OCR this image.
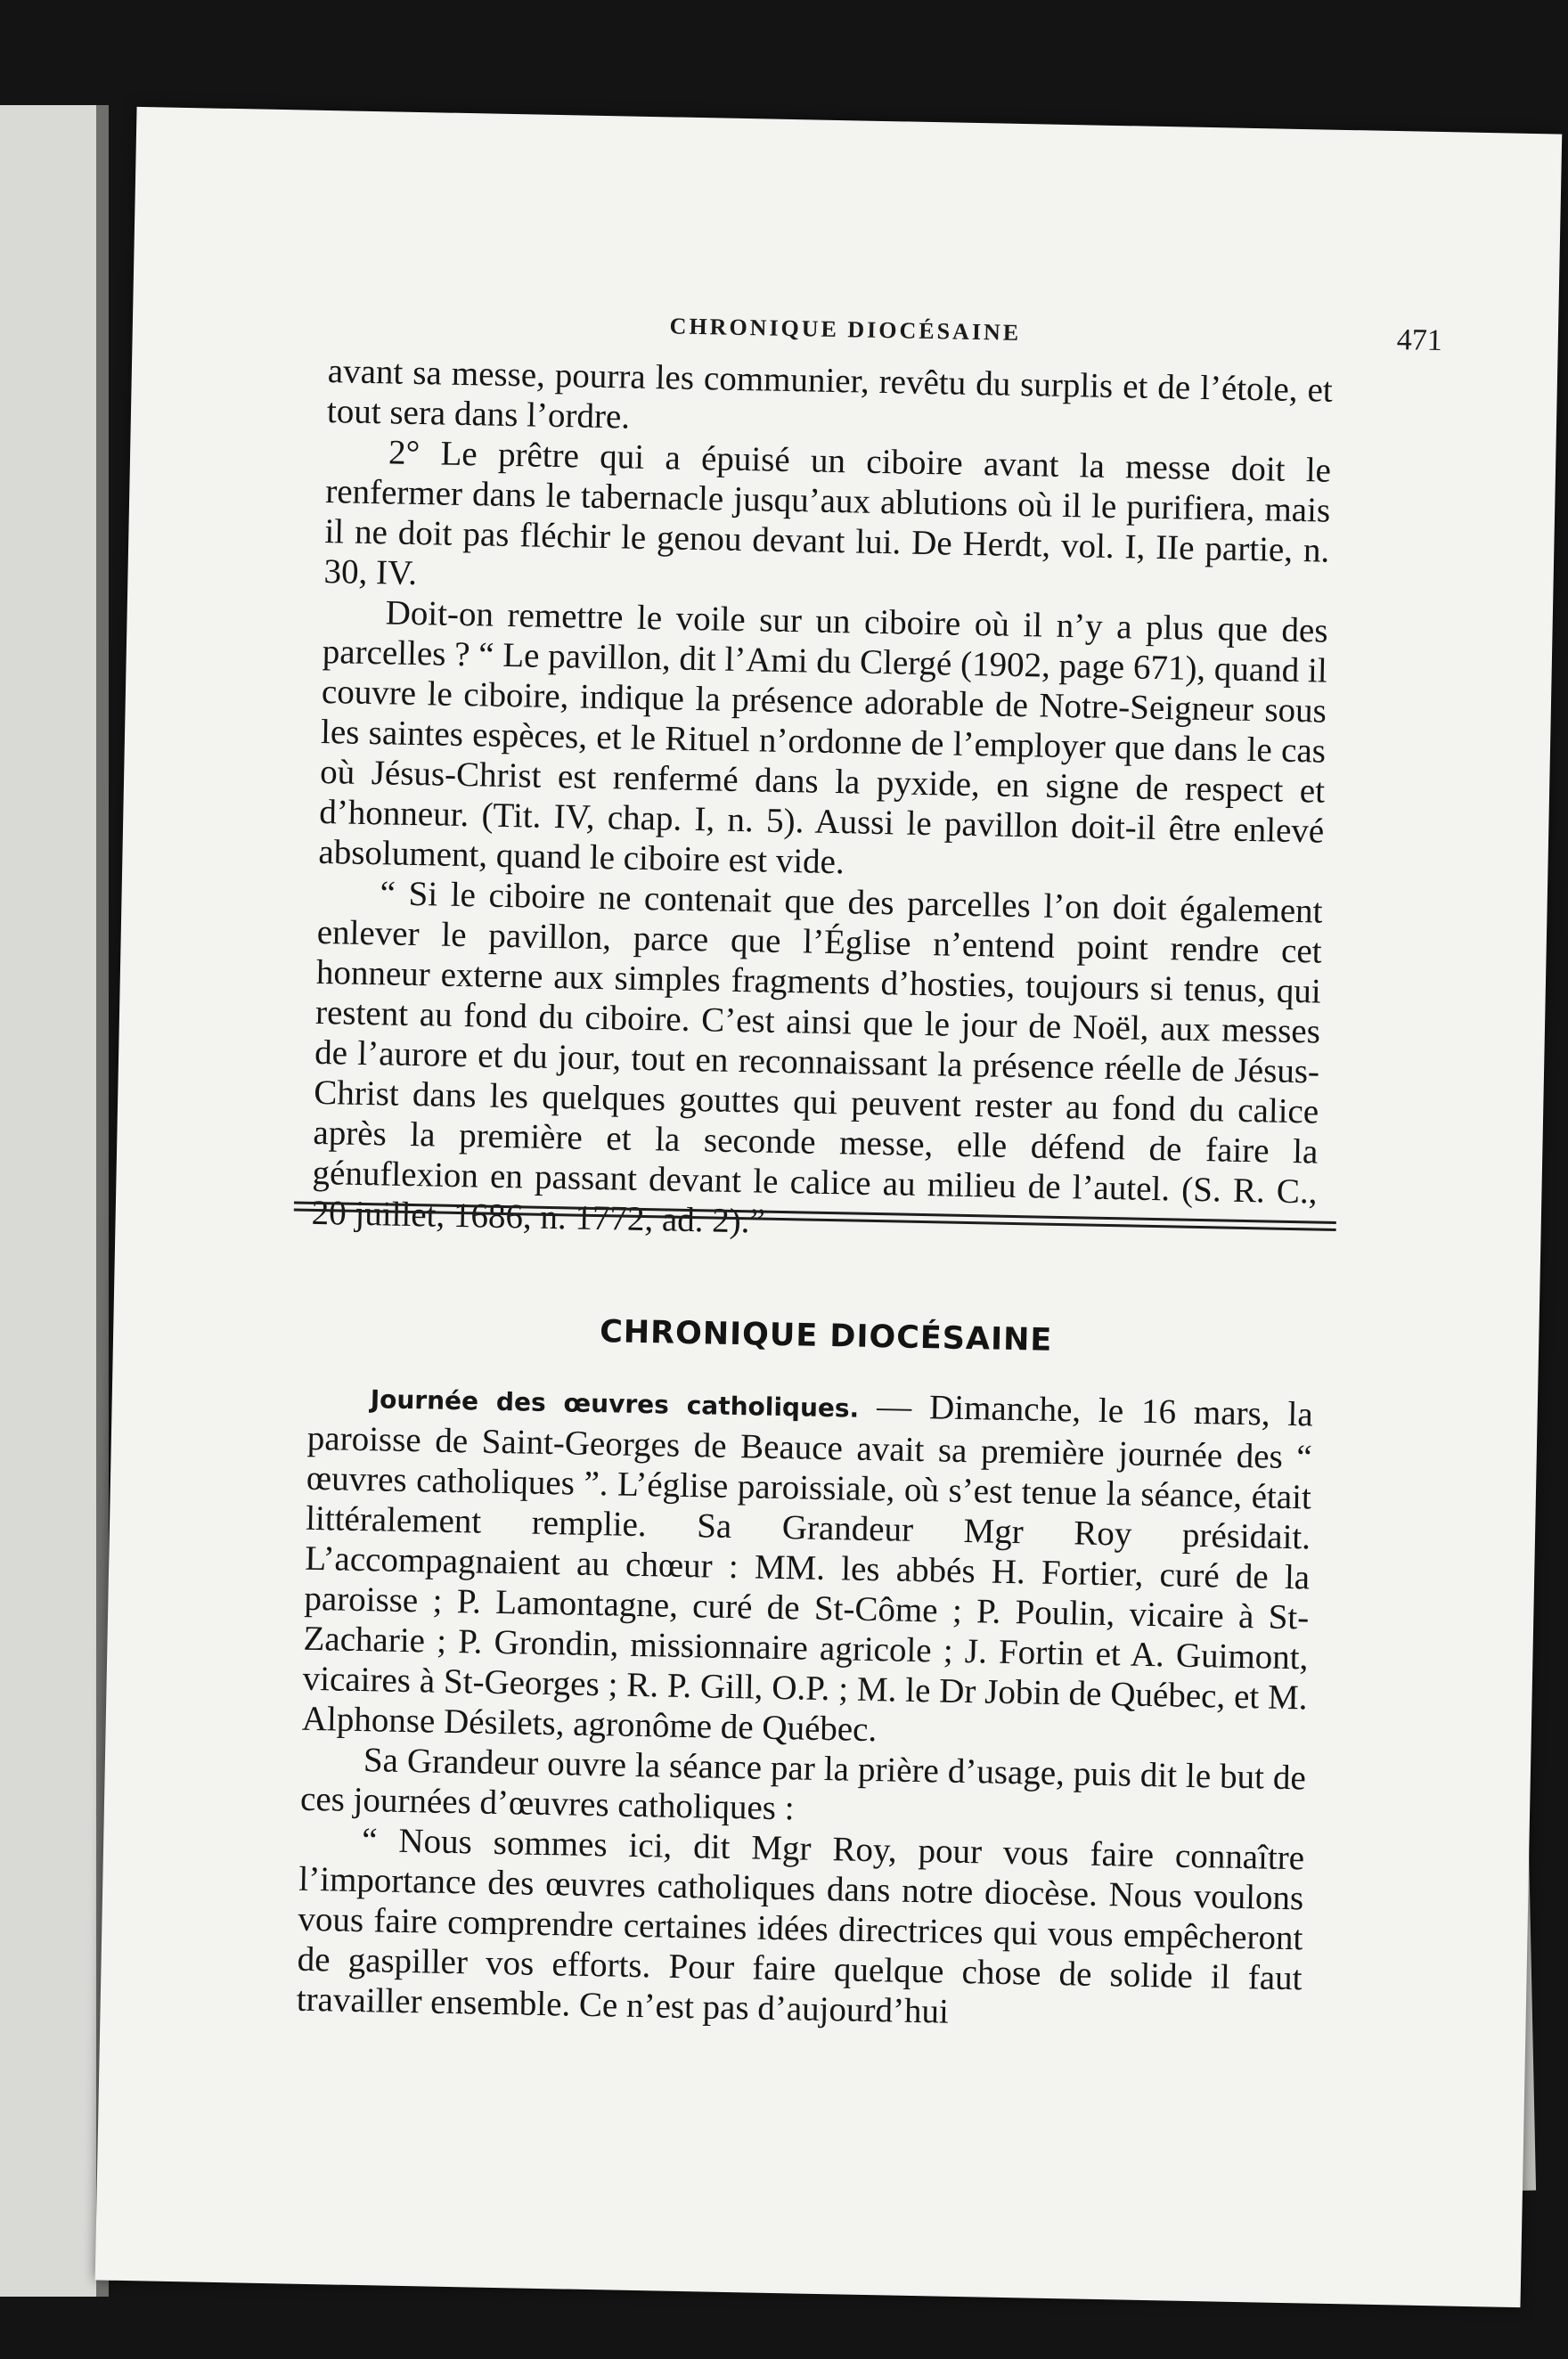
CHRONIQUE DIOCÉSAINE	471

avant sa messe, pourra les communier, revêtu du surplis et de l’étole, et tout sera dans l’ordre.

2° Le prêtre qui a épuisé un ciboire avant la messe doit le renfermer dans le tabernacle jusqu’aux ablutions où il le purifiera, mais il ne doit pas fléchir le genou devant lui. De Herdt, vol. I, IIe partie, n. 30, IV.

Doit-on remettre le voile sur un ciboire où il n’y a plus que des parcelles ? “ Le pavillon, dit l’Ami du Clergé (1902, page 671), quand il couvre le ciboire, indique la présence adorable de Notre-Seigneur sous les saintes espèces, et le Rituel n’ordonne de l’employer que dans le cas où Jésus-Christ est renfermé dans la pyxide, en signe de respect et d’honneur. (Tit. IV, chap. I, n. 5). Aussi le pavillon doit-il être enlevé absolument, quand le ciboire est vide.

“ Si le ciboire ne contenait que des parcelles l’on doit également enlever le pavillon, parce que l’Église n’entend point rendre cet honneur externe aux simples fragments d’hosties, toujours si tenus, qui restent au fond du ciboire. C’est ainsi que le jour de Noël, aux messes de l’aurore et du jour, tout en reconnaissant la présence réelle de Jésus-Christ dans les quelques gouttes qui peuvent rester au fond du calice après la première et la seconde messe, elle défend de faire la génuflexion en passant devant le calice au milieu de l’autel. (S. R. C., 20 juillet, 1686, n. 1772, ad. 2).”

CHRONIQUE DIOCÉSAINE

Journée des œuvres catholiques. — Dimanche, le 16 mars, la paroisse de Saint-Georges de Beauce avait sa première journée des “ œuvres catholiques ”. L’église paroissiale, où s’est tenue la séance, était littéralement remplie. Sa Grandeur Mgr Roy présidait. L’accompagnaient au chœur : MM. les abbés H. Fortier, curé de la paroisse ; P. Lamontagne, curé de St-Côme ; P. Poulin, vicaire à St-Zacharie ; P. Grondin, missionnaire agricole ; J. Fortin et A. Guimont, vicaires à St-Georges ; R. P. Gill, O.P. ; M. le Dr Jobin de Québec, et M. Alphonse Désilets, agronôme de Québec.

Sa Grandeur ouvre la séance par la prière d’usage, puis dit le but de ces journées d’œuvres catholiques :

“ Nous sommes ici, dit Mgr Roy, pour vous faire connaître l’importance des œuvres catholiques dans notre diocèse. Nous voulons vous faire comprendre certaines idées directrices qui vous empêcheront de gaspiller vos efforts. Pour faire quelque chose de solide il faut travailler ensemble. Ce n’est pas d’aujourd’hui
